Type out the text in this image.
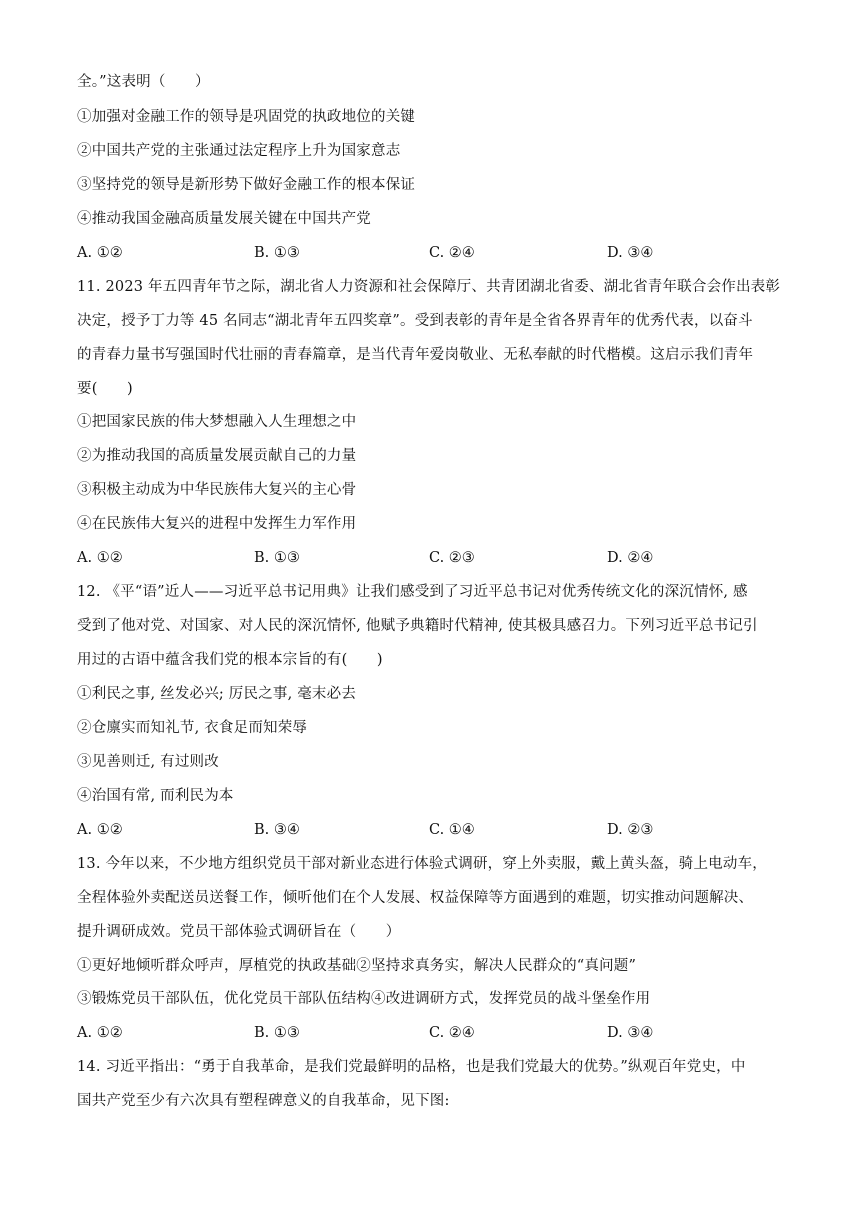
全。”这表明（　　）
①加强对金融工作的领导是巩固党的执政地位的关键
②中国共产党的主张通过法定程序上升为国家意志
③坚持党的领导是新形势下做好金融工作的根本保证
④推动我国金融高质量发展关键在中国共产党
A. ①②	B. ①③	C. ②④	D. ③④
11. 2023 年五四青年节之际，湖北省人力资源和社会保障厅、共青团湖北省委、湖北省青年联合会作出表彰
决定，授予丁力等 45 名同志“湖北青年五四奖章”。受到表彰的青年是全省各界青年的优秀代表，以奋斗
的青春力量书写强国时代壮丽的青春篇章，是当代青年爱岗敬业、无私奉献的时代楷模。这启示我们青年
要(　　)
①把国家民族的伟大梦想融入人生理想之中
②为推动我国的高质量发展贡献自己的力量
③积极主动成为中华民族伟大复兴的主心骨
④在民族伟大复兴的进程中发挥生力军作用
A. ①②	B. ①③	C. ②③	D. ②④
12. 《平“语”近人——习近平总书记用典》让我们感受到了习近平总书记对优秀传统文化的深沉情怀, 感
受到了他对党、对国家、对人民的深沉情怀, 他赋予典籍时代精神, 使其极具感召力。下列习近平总书记引
用过的古语中蕴含我们党的根本宗旨的有(　　)
①利民之事, 丝发必兴; 厉民之事, 毫末必去
②仓廪实而知礼节, 衣食足而知荣辱
③见善则迁, 有过则改
④治国有常, 而利民为本
A. ①②	B. ③④	C. ①④	D. ②③
13. 今年以来，不少地方组织党员干部对新业态进行体验式调研，穿上外卖服，戴上黄头盔，骑上电动车，
全程体验外卖配送员送餐工作，倾听他们在个人发展、权益保障等方面遇到的难题，切实推动问题解决、
提升调研成效。党员干部体验式调研旨在（　　）
①更好地倾听群众呼声，厚植党的执政基础②坚持求真务实，解决人民群众的“真问题”
③锻炼党员干部队伍，优化党员干部队伍结构④改进调研方式，发挥党员的战斗堡垒作用
A. ①②	B. ①③	C. ②④	D. ③④
14. 习近平指出：“勇于自我革命，是我们党最鲜明的品格，也是我们党最大的优势。”纵观百年党史，中
国共产党至少有六次具有塑程碑意义的自我革命，见下图:
